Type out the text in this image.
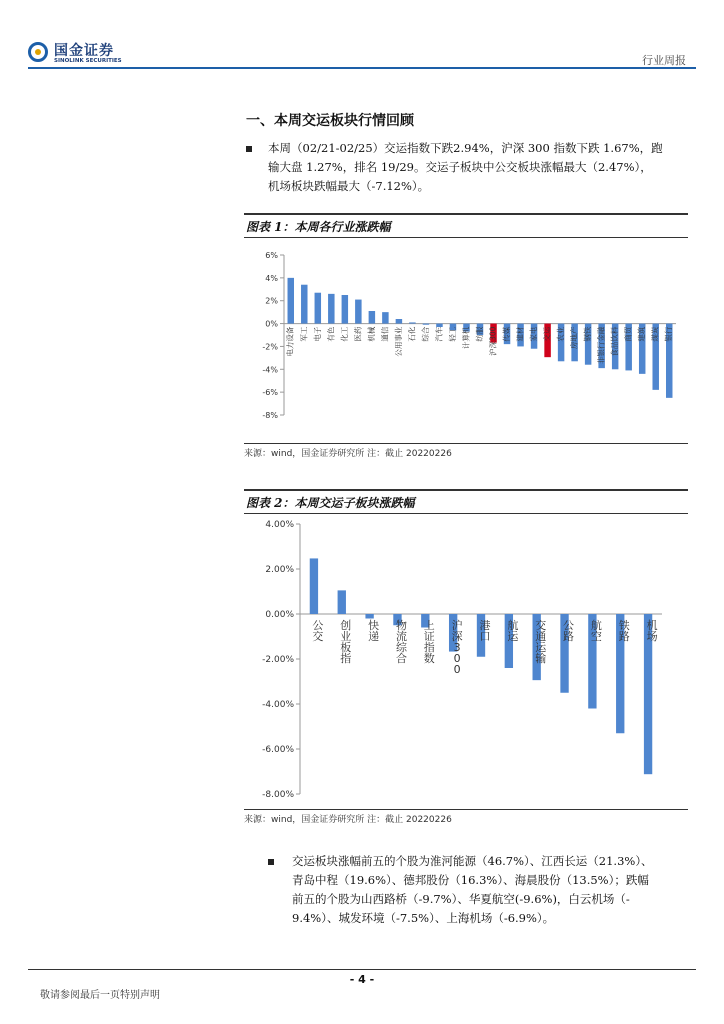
国金证券
SINOLINK SECURITIES	行业周报
一、本周交运板块行情回顾
本周（02/21-02/25）交运指数下跌2.94%，沪深 300 指数下跌 1.67%，跑
输大盘 1.27%，排名 19/29。交运子板块中公交板块涨幅最大（2.47%），
机场板块跌幅最大（-7.12%）。
图表 1：本周各行业涨跌幅
6%
4%
2%
0%
-2%
-4%
-6%
-8%
电力设备 军工 电子 有色 化工 医药 机械 通信 公用事业 石化 综合 汽车 轻工 计算机 纺服 沪深300 传媒 建材 家电 交运 农业 房地产 钢铁 非银行金融 食品饮料 商贸 建筑 煤炭 银行
来源：wind，国金证券研究所 注：截止 20220226
图表 2：本周交运子板块涨跌幅
4.00%
2.00%
0.00%
-2.00%
-4.00%
-6.00%
-8.00%
公交
创业板指
快递
物流综合
上证指数
沪深 3 0 0
港口
航运
交通运输
公路
航空
铁路
机场
来源：wind，国金证券研究所 注：截止 20220226
交运板块涨幅前五的个股为淮河能源（46.7%）、江西长运（21.3%）、
青岛中程（19.6%）、德邦股份（16.3%）、海晨股份（13.5%）；跌幅
前五的个股为山西路桥（-9.7%）、华夏航空(-9.6%)，白云机场（-
9.4%）、城发环境（-7.5%）、上海机场（-6.9%）。
- 4 -
敬请参阅最后一页特别声明
